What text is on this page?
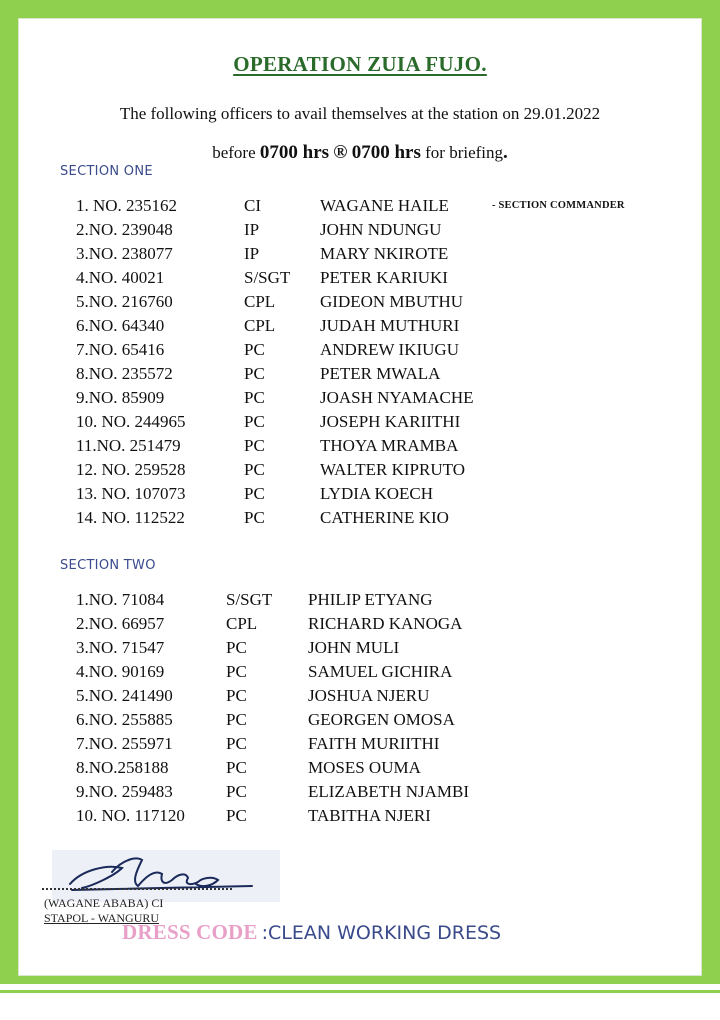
OPERATION ZUIA FUJO.
The following officers to avail themselves at the station on 29.01.2022
before 0700 hrs ® 0700 hrs for briefing.
SECTION ONE
1. NO. 235162	CI	WAGANE HAILE	- SECTION COMMANDER
2.NO. 239048	IP	JOHN NDUNGU
3.NO. 238077	IP	MARY NKIROTE
4.NO. 40021	S/SGT PETER KARIUKI
5.NO. 216760	CPL	GIDEON MBUTHU
6.NO. 64340	CPL	JUDAH MUTHURI
7.NO. 65416	PC	ANDREW IKIUGU
8.NO. 235572	PC	PETER MWALA
9.NO. 85909	PC	JOASH NYAMACHE
10. NO. 244965	PC	JOSEPH KARIITHI
11.NO. 251479	PC	THOYA MRAMBA
12. NO. 259528	PC	WALTER KIPRUTO
13. NO. 107073	PC	LYDIA KOECH
14. NO. 112522	PC	CATHERINE KIO
SECTION TWO
1.NO. 71084	S/SGT PHILIP ETYANG
2.NO. 66957	CPL	RICHARD KANOGA
3.NO. 71547	PC	JOHN MULI
4.NO. 90169	PC	SAMUEL GICHIRA
5.NO. 241490	PC	JOSHUA NJERU
6.NO. 255885	PC	GEORGEN OMOSA
7.NO. 255971	PC	FAITH MURIITHI
8.NO.258188	PC	MOSES OUMA
9.NO. 259483	PC	ELIZABETH NJAMBI
10. NO. 117120 PC	TABITHA NJERI
(WAGANE ABABA) CI
STAPOL - WANGURU
DRESS CODE :CLEAN WORKING DRESS
